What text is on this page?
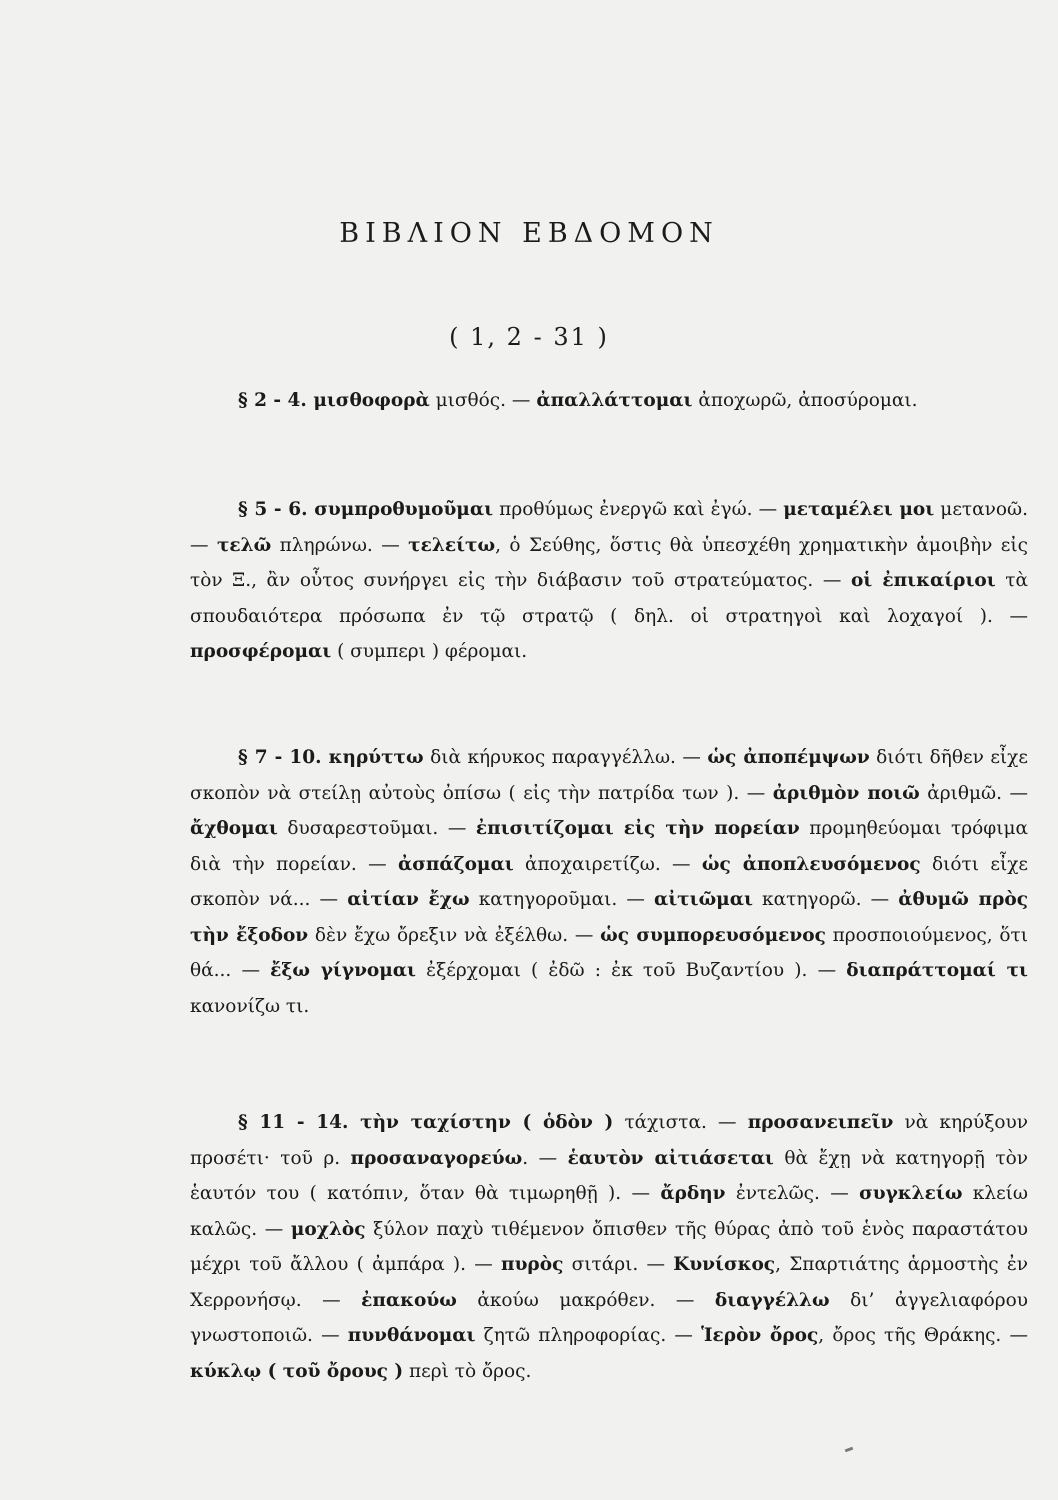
ΒΙΒΛΙΟΝ ΕΒΔΟΜΟΝ
( 1, 2 - 31 )

§ 2 - 4. μισθοφορὰ μισθός. — ἀπαλλάττομαι ἀποχωρῶ, ἀποσύρομαι.

§ 5 - 6. συμπροθυμοῦμαι προθύμως ἐνεργῶ καὶ ἐγώ. — μεταμέλει μοι μετανοῶ. — τελῶ πληρώνω. — τελείτω, ὁ Σεύθης, ὅστις θὰ ὑπεσχέθη χρηματικὴν ἀμοιβὴν εἰς τὸν Ξ., ἂν οὗτος συνήργει εἰς τὴν διάβασιν τοῦ στρατεύματος. — οἱ ἐπικαίριοι τὰ σπουδαιότερα πρόσωπα ἐν τῷ στρατῷ ( δηλ. οἱ στρατηγοὶ καὶ λοχαγοί ). — προσφέρομαι ( συμπερι ) φέρομαι.

§ 7 - 10. κηρύττω διὰ κήρυκος παραγγέλλω. — ὡς ἀποπέμψων διότι δῆθεν εἶχε σκοπὸν νὰ στείλῃ αὐτοὺς ὀπίσω ( εἰς τὴν πατρίδα των ). — ἀριθμὸν ποιῶ ἀριθμῶ. — ἄχθομαι δυσαρεστοῦμαι. — ἐπισιτίζομαι εἰς τὴν πορείαν προμηθεύομαι τρόφιμα διὰ τὴν πορείαν. — ἀσπάζομαι ἀποχαιρετίζω. — ὡς ἀποπλευσόμενος διότι εἶχε σκοπὸν νά... — αἰτίαν ἔχω κατηγοροῦμαι. — αἰτιῶμαι κατηγορῶ. — ἀθυμῶ πρὸς τὴν ἔξοδον δὲν ἔχω ὄρεξιν νὰ ἐξέλθω. — ὡς συμπορευσόμενος προσποιούμενος, ὅτι θά... — ἔξω γίγνομαι ἐξέρχομαι ( ἐδῶ : ἐκ τοῦ Βυζαντίου ). — διαπράττομαί τι κανονίζω τι.

§ 11 - 14. τὴν ταχίστην ( ὁδὸν ) τάχιστα. — προσανειπεῖν νὰ κηρύξουν προσέτι· τοῦ ρ. προσαναγορεύω. — ἑαυτὸν αἰτιάσεται θὰ ἔχῃ νὰ κατηγορῇ τὸν ἑαυτόν του ( κατόπιν, ὅταν θὰ τιμωρηθῇ ). — ἄρδην ἐντελῶς. — συγκλείω κλείω καλῶς. — μοχλὸς ξύλον παχὺ τιθέμενον ὄπισθεν τῆς θύρας ἀπὸ τοῦ ἑνὸς παραστάτου μέχρι τοῦ ἄλλου ( ἀμπάρα ). — πυρὸς σιτάρι. — Κυνίσκος, Σπαρτιάτης ἁρμοστὴς ἐν Χερρονήσῳ. — ἐπακούω ἀκούω μακρόθεν. — διαγγέλλω δι’ ἀγγελιαφόρου γνωστοποιῶ. — πυνθάνομαι ζητῶ πληροφορίας. — Ἱερὸν ὄρος, ὄρος τῆς Θράκης. — κύκλῳ ( τοῦ ὄρους ) περὶ τὸ ὄρος.
